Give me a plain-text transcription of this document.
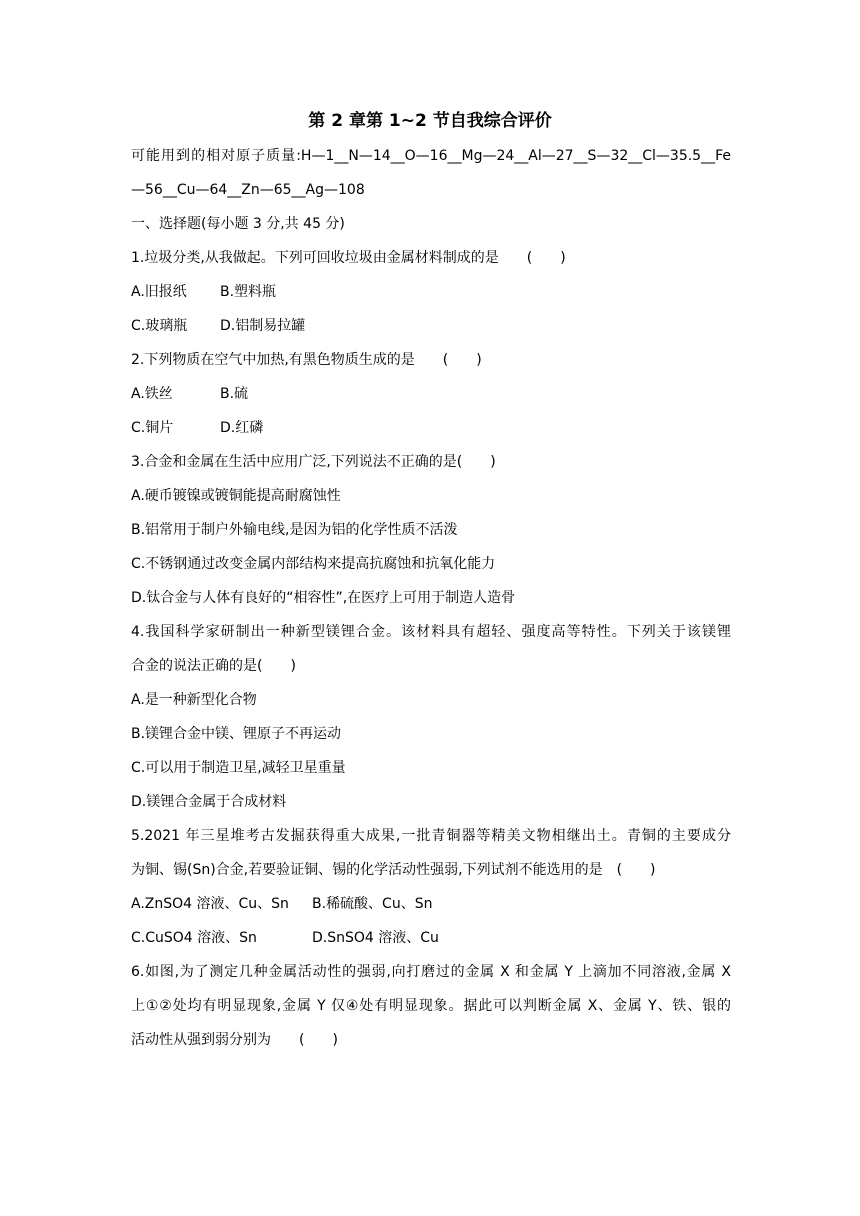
第 2 章第 1~2 节自我综合评价
可能用到的相对原子质量:H—1__N—14__O—16__Mg—24__Al—27__S—32__Cl—35.5__Fe
—56__Cu—64__Zn—65__Ag—108
一、选择题(每小题 3 分,共 45 分)
1.垃圾分类,从我做起。下列可回收垃圾由金属材料制成的是　　(　　)
A.旧报纸 B.塑料瓶
C.玻璃瓶 D.铝制易拉罐
2.下列物质在空气中加热,有黑色物质生成的是　　(　　)
A.铁丝	B.硫
C.铜片	D.红磷
3.合金和金属在生活中应用广泛,下列说法不正确的是(　　)
A.硬币镀镍或镀铜能提高耐腐蚀性
B.铝常用于制户外输电线,是因为铝的化学性质不活泼
C.不锈钢通过改变金属内部结构来提高抗腐蚀和抗氧化能力
D.钛合金与人体有良好的“相容性”,在医疗上可用于制造人造骨
4.我国科学家研制出一种新型镁锂合金。该材料具有超轻、强度高等特性。下列关于该镁锂
合金的说法正确的是(　　)
A.是一种新型化合物
B.镁锂合金中镁、锂原子不再运动
C.可以用于制造卫星,减轻卫星重量
D.镁锂合金属于合成材料
5.2021 年三星堆考古发掘获得重大成果,一批青铜器等精美文物相继出土。青铜的主要成分
为铜、锡(Sn)合金,若要验证铜、锡的化学活动性强弱,下列试剂不能选用的是　(　　)
A.ZnSO4 溶液、Cu、Sn B.稀硫酸、Cu、Sn
C.CuSO4 溶液、Sn	D.SnSO4 溶液、Cu
6.如图,为了测定几种金属活动性的强弱,向打磨过的金属 X 和金属 Y 上滴加不同溶液,金属 X
上①②处均有明显现象,金属 Y 仅④处有明显现象。据此可以判断金属 X、金属 Y、铁、银的
活动性从强到弱分别为　　(　　)
